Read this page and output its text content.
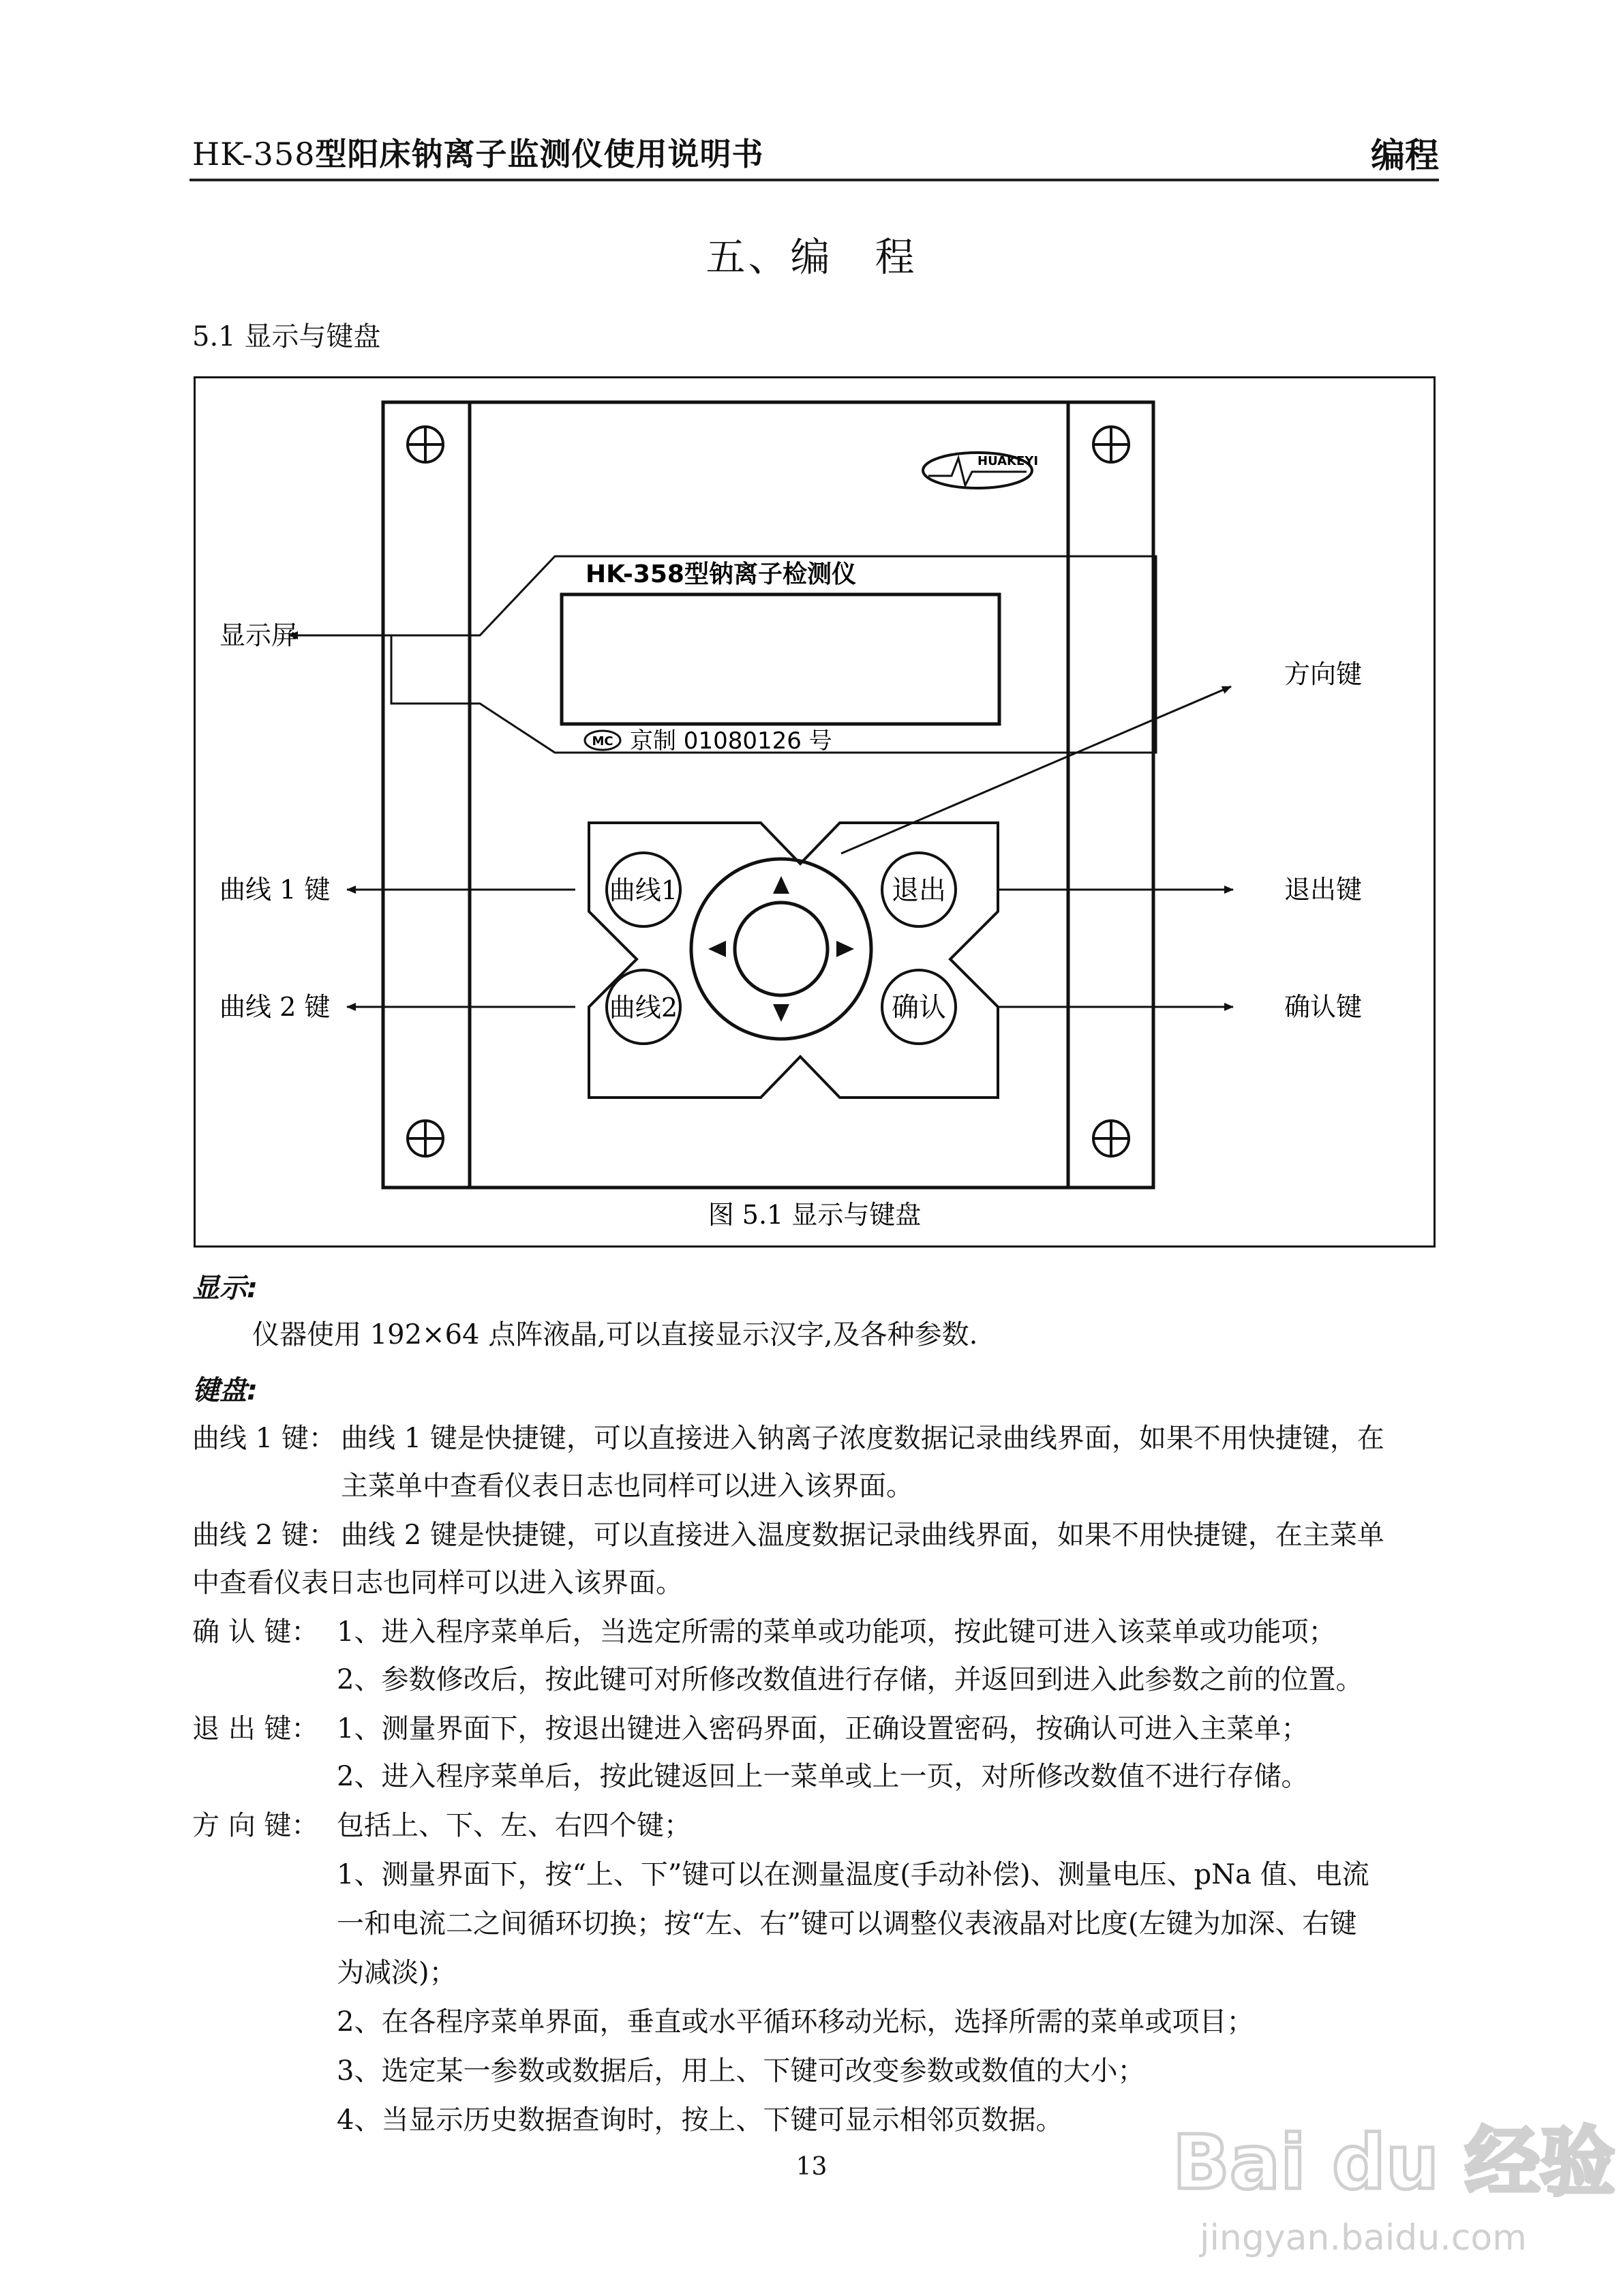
HK-358型阳床钠离子监测仪使用说明书	编程
五、编　程
5.1 显示与键盘
HUAKEYI
HK-358型钠离子检测仪
MC 京制 01080126 号
曲线1
曲线2
退出
确认
显示屏
方向键
曲线 1 键
曲线 2 键
退出键
确认键
图 5.1 显示与键盘
显示:
仪器使用 192×64 点阵液晶,可以直接显示汉字,及各种参数.
键盘:
曲线 1 键： 曲线 1 键是快捷键，可以直接进入钠离子浓度数据记录曲线界面，如果不用快捷键，在
主菜单中查看仪表日志也同样可以进入该界面。
曲线 2 键： 曲线 2 键是快捷键，可以直接进入温度数据记录曲线界面，如果不用快捷键，在主菜单
中查看仪表日志也同样可以进入该界面。
确 认 键： 1、进入程序菜单后，当选定所需的菜单或功能项，按此键可进入该菜单或功能项；
2、参数修改后，按此键可对所修改数值进行存储，并返回到进入此参数之前的位置。
退 出 键： 1、测量界面下，按退出键进入密码界面，正确设置密码，按确认可进入主菜单；
2、进入程序菜单后，按此键返回上一菜单或上一页，对所修改数值不进行存储。
方 向 键： 包括上、下、左、右四个键；
1、测量界面下，按“上、下”键可以在测量温度(手动补偿)、测量电压、pNa 值、电流
一和电流二之间循环切换；按“左、右”键可以调整仪表液晶对比度(左键为加深、右键
为减淡)；
2、在各程序菜单界面，垂直或水平循环移动光标，选择所需的菜单或项目；
3、选定某一参数或数据后，用上、下键可改变参数或数值的大小；
4、当显示历史数据查询时，按上、下键可显示相邻页数据。
13	Bai du 经验
jingyan.baidu.com
